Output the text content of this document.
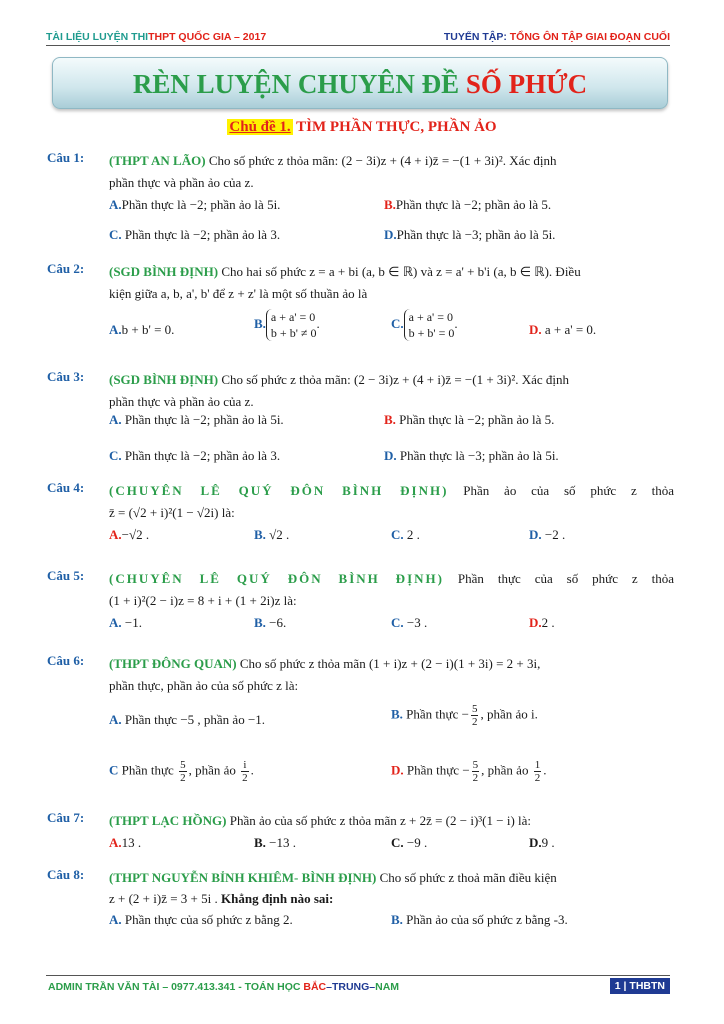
TÀI LIỆU LUYỆN THITHPT QUỐC GIA – 2017	TUYỂN TẬP: TỔNG ÔN TẬP GIAI ĐOẠN CUỐI
RÈN LUYỆN CHUYÊN ĐỀ SỐ PHỨC
Chủ đề 1. TÌM PHẦN THỰC, PHẦN ẢO
Câu 1: (THPT AN LÃO) Cho số phức z thỏa mãn: (2 − 3i)z + (4 + i)z̄ = −(1 + 3i)². Xác định
phần thực và phần ảo của z.
A.Phần thực là −2; phần ảo là 5i.	B.Phần thực là −2; phần ảo là 5.
C. Phần thực là −2; phần ảo là 3.	D.Phần thực là −3; phần ảo là 5i.
Câu 2: (SGD BÌNH ĐỊNH) Cho hai số phức z = a + bi (a, b ∈ ℝ) và z = a' + b'i (a, b ∈ ℝ). Điều
kiện giữa a, b, a', b' để z + z' là một số thuần ảo là
A.b + b' = 0.	B. a + a' = 0
b + b' ≠ 0
.	C. a + a' = 0
b + b' = 0
.	D. a + a' = 0.
Câu 3: (SGD BÌNH ĐỊNH) Cho số phức z thỏa mãn: (2 − 3i)z + (4 + i)z̄ = −(1 + 3i)². Xác định
phần thực và phần ảo của z.
A. Phần thực là −2; phần ảo là 5i.	B. Phần thực là −2; phần ảo là 5.
C. Phần thực là −2; phần ảo là 3.	D. Phần thực là −3; phần ảo là 5i.
Câu 4: (CHUYÊN LÊ QUÝ ĐÔN BÌNH ĐỊNH) Phần ảo của số phức z thỏa
z̄ = (√2 + i)²(1 − √2i) là:
A.−√2 .	B. √2 .	C. 2 .	D. −2 .
Câu 5: (CHUYÊN LÊ QUÝ ĐÔN BÌNH ĐỊNH) Phần thực của số phức z thỏa
(1 + i)²(2 − i)z = 8 + i + (1 + 2i)z là:
A. −1.	B. −6.	C. −3 .	D.2 .
Câu 6: (THPT ĐÔNG QUAN) Cho số phức z thỏa mãn (1 + i)z + (2 − i)(1 + 3i) = 2 + 3i,
phần thực, phần ảo của số phức z là:
A. Phần thực −5 , phần ảo −1.	B. Phần thực − $\frac{5}{2}$ , phần ảo i.
C Phần thực $\frac{5}{2}$ , phần ảo $\frac{i}{2}$ .	D. Phần thực − $\frac{5}{2}$ , phần ảo $\frac{1}{2}$ .
Câu 7: (THPT LẠC HỒNG) Phần ảo của số phức z thỏa mãn z + 2z̄ = (2 − i)³(1 − i) là:
A.13 .	B. −13 .	C. −9 .	D.9 .
Câu 8: (THPT NGUYỄN BỈNH KHIÊM- BÌNH ĐỊNH) Cho số phức z thoả mãn điều kiện
z + (2 + i)z̄ = 3 + 5i . Khẳng định nào sai:
A. Phần thực của số phức z bằng 2.	B. Phần ảo của số phức z bằng -3.
ADMIN TRẦN VĂN TÀI – 0977.413.341 - TOÁN HỌC BẮC–TRUNG–NAM	1 | THBTN
